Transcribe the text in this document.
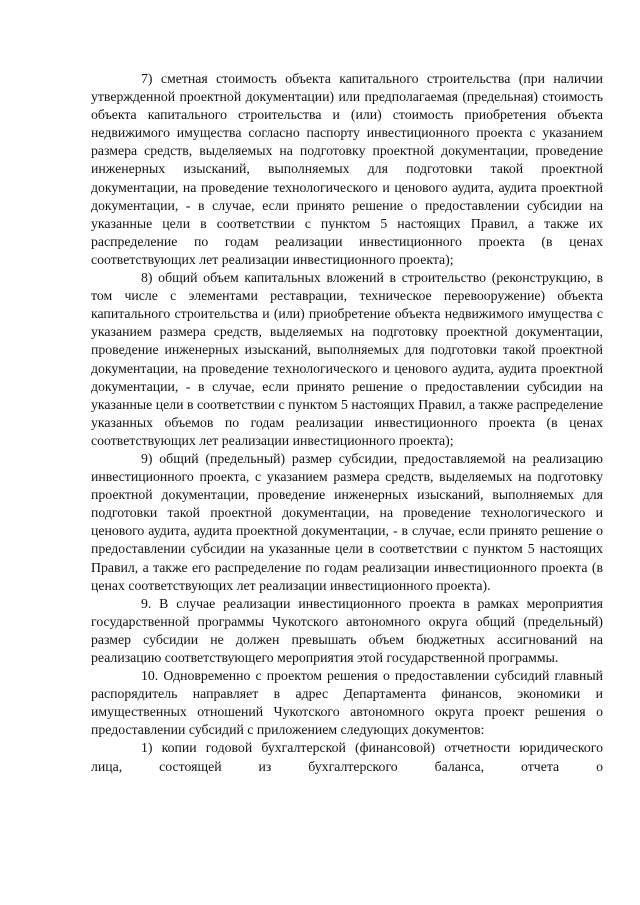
7) сметная стоимость объекта капитального строительства (при наличии утвержденной проектной документации) или предполагаемая (предельная) стоимость объекта капитального строительства и (или) стоимость приобретения объекта недвижимого имущества согласно паспорту инвестиционного проекта с указанием размера средств, выделяемых на подготовку проектной документации, проведение инженерных изысканий, выполняемых для подготовки такой проектной документации, на проведение технологического и ценового аудита, аудита проектной документации, - в случае, если принято решение о предоставлении субсидии на указанные цели в соответствии с пунктом 5 настоящих Правил, а также их распределение по годам реализации инвестиционного проекта (в ценах соответствующих лет реализации инвестиционного проекта);

8) общий объем капитальных вложений в строительство (реконструкцию, в том числе с элементами реставрации, техническое перевооружение) объекта капитального строительства и (или) приобретение объекта недвижимого имущества с указанием размера средств, выделяемых на подготовку проектной документации, проведение инженерных изысканий, выполняемых для подготовки такой проектной документации, на проведение технологического и ценового аудита, аудита проектной документации, - в случае, если принято решение о предоставлении субсидии на указанные цели в соответствии с пунктом 5 настоящих Правил, а также распределение указанных объемов по годам реализации инвестиционного проекта (в ценах соответствующих лет реализации инвестиционного проекта);

9) общий (предельный) размер субсидии, предоставляемой на реализацию инвестиционного проекта, с указанием размера средств, выделяемых на подготовку проектной документации, проведение инженерных изысканий, выполняемых для подготовки такой проектной документации, на проведение технологического и ценового аудита, аудита проектной документации, - в случае, если принято решение о предоставлении субсидии на указанные цели в соответствии с пунктом 5 настоящих Правил, а также его распределение по годам реализации инвестиционного проекта (в ценах соответствующих лет реализации инвестиционного проекта).

9. В случае реализации инвестиционного проекта в рамках мероприятия государственной программы Чукотского автономного округа общий (предельный) размер субсидии не должен превышать объем бюджетных ассигнований на реализацию соответствующего мероприятия этой государственной программы.

10. Одновременно с проектом решения о предоставлении субсидий главный распорядитель направляет в адрес Департамента финансов, экономики и имущественных отношений Чукотского автономного округа проект решения о предоставлении субсидий с приложением следующих документов:

1) копии годовой бухгалтерской (финансовой) отчетности юридического лица, состоящей из бухгалтерского баланса, отчета о
